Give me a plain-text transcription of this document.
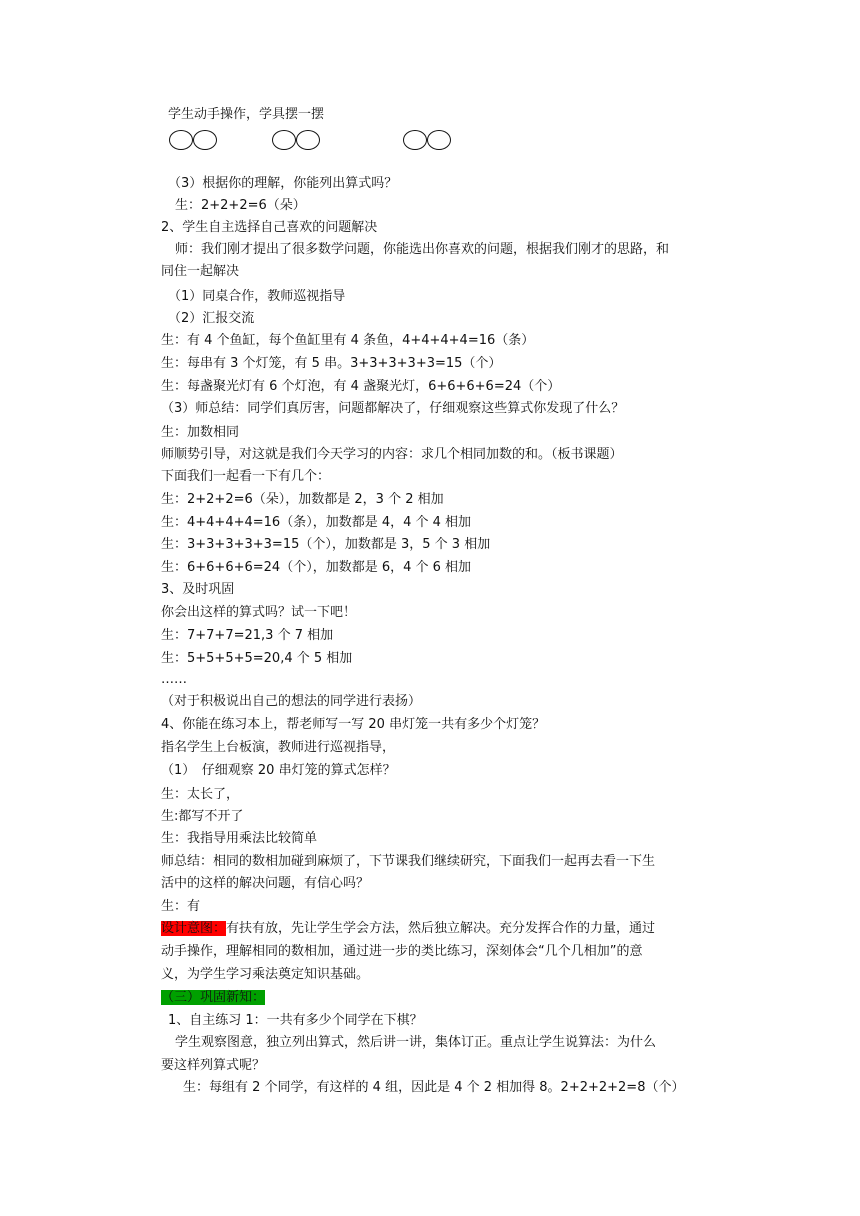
学生动手操作，学具摆一摆
（3）根据你的理解，你能列出算式吗？
生：2+2+2=6（朵）
2、学生自主选择自己喜欢的问题解决
师：我们刚才提出了很多数学问题，你能选出你喜欢的问题，根据我们刚才的思路，和
同住一起解决
（1）同桌合作，教师巡视指导
（2）汇报交流
生：有 4 个鱼缸，每个鱼缸里有 4 条鱼，4+4+4+4=16（条）
生：每串有 3 个灯笼，有 5 串。3+3+3+3+3=15（个）
生：每盏聚光灯有 6 个灯泡，有 4 盏聚光灯，6+6+6+6=24（个）
（3）师总结：同学们真厉害，问题都解决了，仔细观察这些算式你发现了什么？
生：加数相同
师顺势引导，对这就是我们今天学习的内容：求几个相同加数的和。（板书课题）
下面我们一起看一下有几个：
生：2+2+2=6（朵），加数都是 2，3 个 2 相加
生：4+4+4+4=16（条），加数都是 4，4 个 4 相加
生：3+3+3+3+3=15（个），加数都是 3，5 个 3 相加
生：6+6+6+6=24（个），加数都是 6，4 个 6 相加
3、及时巩固
你会出这样的算式吗？试一下吧！
生：7+7+7=21,3 个 7 相加
生：5+5+5+5=20,4 个 5 相加
……
（对于积极说出自己的想法的同学进行表扬）
4、你能在练习本上，帮老师写一写 20 串灯笼一共有多少个灯笼？
指名学生上台板演，教师进行巡视指导，
（1）　仔细观察 20 串灯笼的算式怎样？
生：太长了，
生:都写不开了
生：我指导用乘法比较简单
师总结：相同的数相加碰到麻烦了，下节课我们继续研究，下面我们一起再去看一下生
活中的这样的解决问题，有信心吗？
生：有
设计意图：有扶有放，先让学生学会方法，然后独立解决。充分发挥合作的力量，通过
动手操作，理解相同的数相加，通过进一步的类比练习，深刻体会“几个几相加”的意
义，为学生学习乘法奠定知识基础。
（三）巩固新知：
1、自主练习 1：一共有多少个同学在下棋？
学生观察图意，独立列出算式，然后讲一讲，集体订正。重点让学生说算法：为什么
要这样列算式呢？
生：每组有 2 个同学，有这样的 4 组，因此是 4 个 2 相加得 8。2+2+2+2=8（个）
